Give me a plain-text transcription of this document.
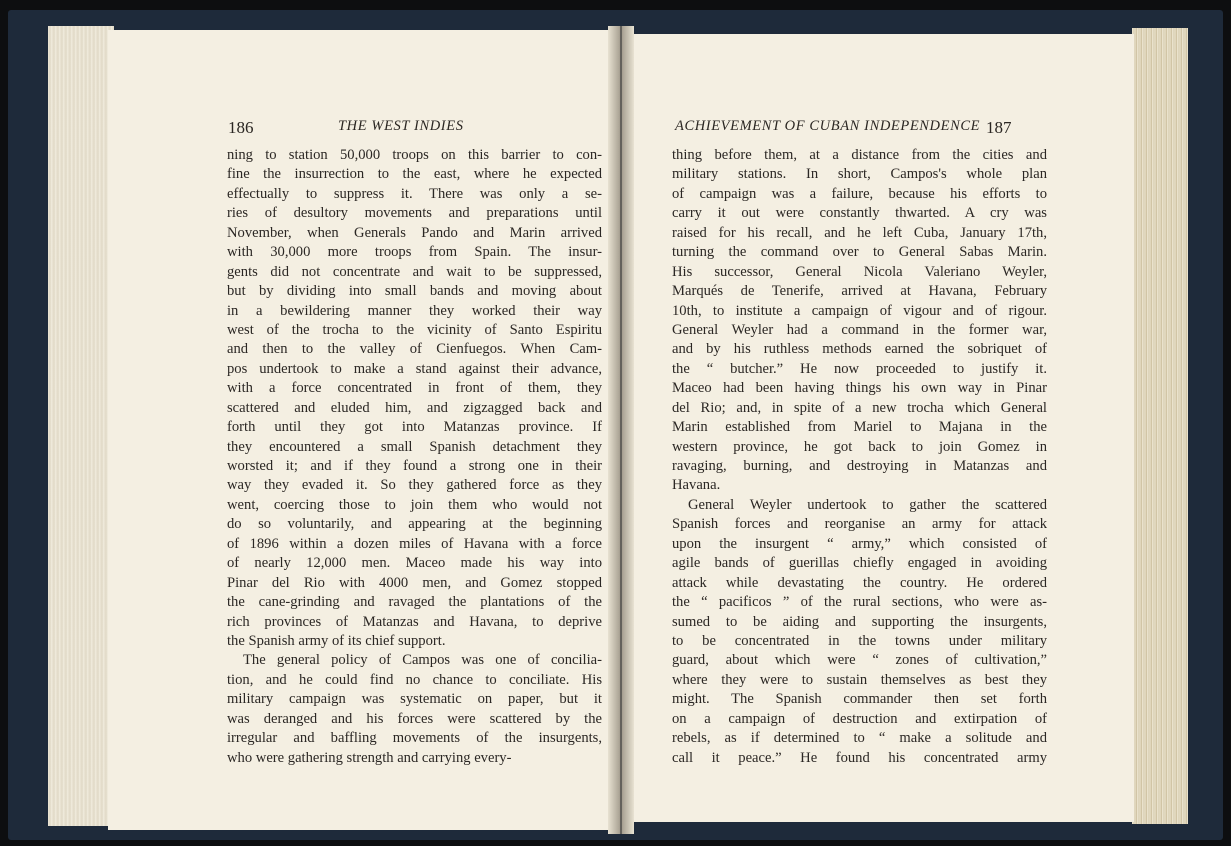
186	THE WEST INDIES	ACHIEVEMENT OF CUBAN INDEPENDENCE 187
ning to station 50,000 troops on this barrier to con-
fine the insurrection to the east, where he expected
effectually to suppress it. There was only a se-
ries of desultory movements and preparations until
November, when Generals Pando and Marin arrived
with 30,000 more troops from Spain. The insur-
gents did not concentrate and wait to be suppressed,
but by dividing into small bands and moving about
in a bewildering manner they worked their way
west of the trocha to the vicinity of Santo Espiritu
and then to the valley of Cienfuegos. When Cam-
pos undertook to make a stand against their advance,
with a force concentrated in front of them, they
scattered and eluded him, and zigzagged back and
forth until they got into Matanzas province. If
they encountered a small Spanish detachment they
worsted it; and if they found a strong one in their
way they evaded it. So they gathered force as they
went, coercing those to join them who would not
do so voluntarily, and appearing at the beginning
of 1896 within a dozen miles of Havana with a force
of nearly 12,000 men. Maceo made his way into
Pinar del Rio with 4000 men, and Gomez stopped
the cane-grinding and ravaged the plantations of the
rich provinces of Matanzas and Havana, to deprive
the Spanish army of its chief support.
The general policy of Campos was one of concilia-
tion, and he could find no chance to conciliate. His
military campaign was systematic on paper, but it
was deranged and his forces were scattered by the
irregular and baffling movements of the insurgents,
who were gathering strength and carrying every-
thing before them, at a distance from the cities and
military stations. In short, Campos's whole plan
of campaign was a failure, because his efforts to
carry it out were constantly thwarted. A cry was
raised for his recall, and he left Cuba, January 17th,
turning the command over to General Sabas Marin.
His successor, General Nicola Valeriano Weyler,
Marqués de Tenerife, arrived at Havana, February
10th, to institute a campaign of vigour and of rigour.
General Weyler had a command in the former war,
and by his ruthless methods earned the sobriquet of
the “ butcher.” He now proceeded to justify it.
Maceo had been having things his own way in Pinar
del Rio; and, in spite of a new trocha which General
Marin established from Mariel to Majana in the
western province, he got back to join Gomez in
ravaging, burning, and destroying in Matanzas and
Havana.
General Weyler undertook to gather the scattered
Spanish forces and reorganise an army for attack
upon the insurgent “ army,” which consisted of
agile bands of guerillas chiefly engaged in avoiding
attack while devastating the country. He ordered
the “ pacificos ” of the rural sections, who were as-
sumed to be aiding and supporting the insurgents,
to be concentrated in the towns under military
guard, about which were “ zones of cultivation,”
where they were to sustain themselves as best they
might. The Spanish commander then set forth
on a campaign of destruction and extirpation of
rebels, as if determined to “ make a solitude and
call it peace.” He found his concentrated army
